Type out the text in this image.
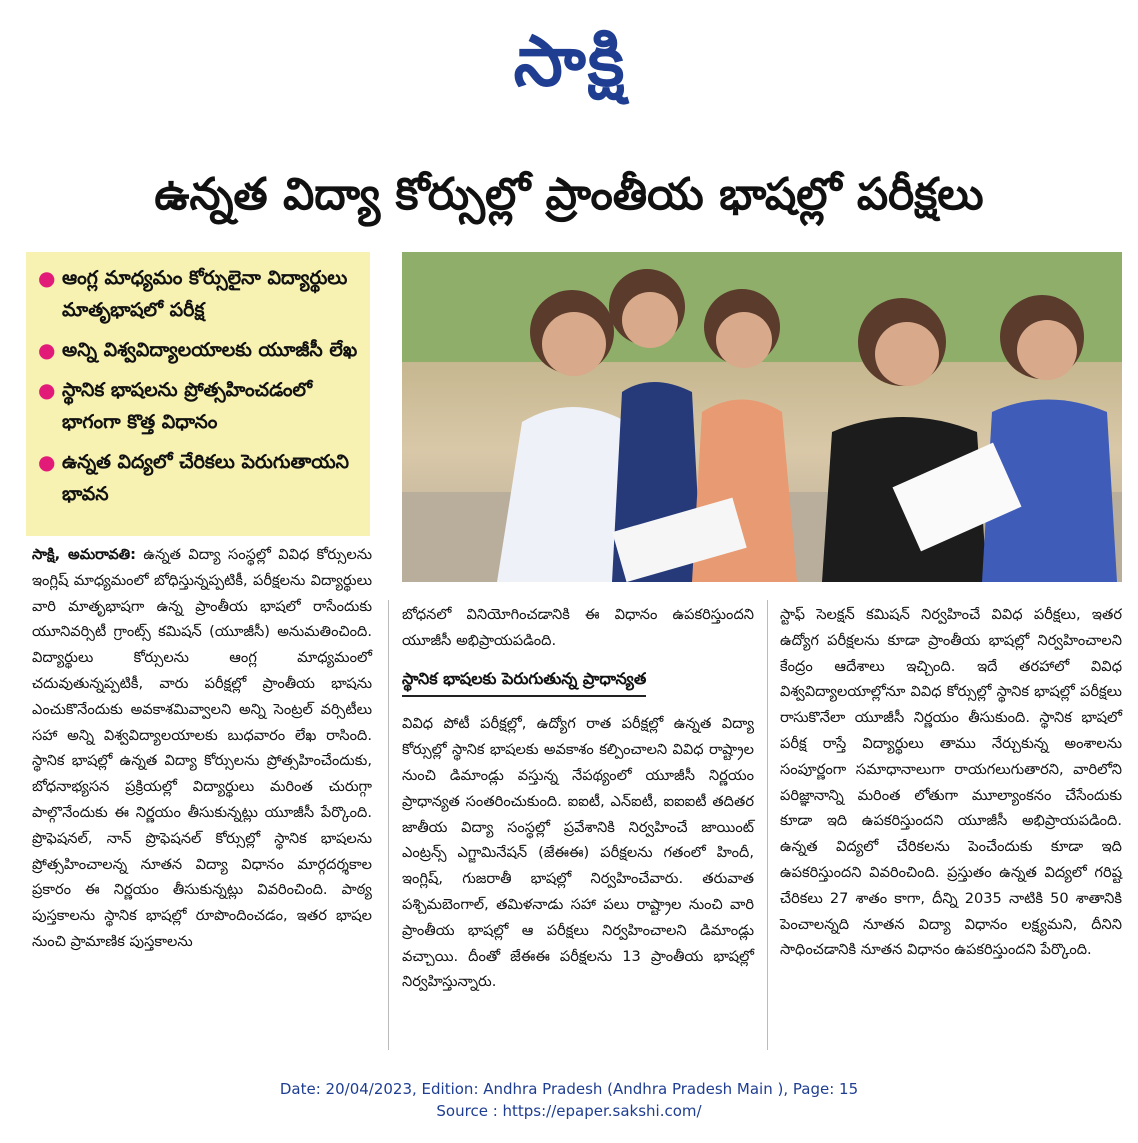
సాక్షి
ఉన్నత విద్యా కోర్సుల్లో ప్రాంతీయ భాషల్లో పరీక్షలు
● ఆంగ్ల మాధ్యమం కోర్సులైనా విద్యార్థులు మాతృభాషలో పరీక్ష
● అన్ని విశ్వవిద్యాలయాలకు యూజీసీ లేఖ
● స్థానిక భాషలను ప్రోత్సహించడంలో భాగంగా కొత్త విధానం
● ఉన్నత విద్యలో చేరికలు పెరుగుతాయని భావన

సాక్షి, అమరావతి: ఉన్నత విద్యా సంస్థల్లో వివిధ కోర్సులను ఇంగ్లిష్ మాధ్యమంలో బోధిస్తున్నప్పటికీ, పరీక్షలను విద్యార్థులు వారి మాతృభాషగా ఉన్న ప్రాంతీయ భాషలో రాసేందుకు యూనివర్సిటీ గ్రాంట్స్ కమిషన్ (యూజీసీ) అనుమతించింది. విద్యార్థులు కోర్సులను ఆంగ్ల మాధ్యమంలో చదువుతున్నప్పటికీ, వారు పరీక్షల్లో ప్రాంతీయ భాషను ఎంచుకొనేందుకు అవకాశమివ్వాలని అన్ని సెంట్రల్ వర్సిటీలు సహా అన్ని విశ్వవిద్యాలయాలకు బుధవారం లేఖ రాసింది. స్థానిక భాషల్లో ఉన్నత విద్యా కోర్సులను ప్రోత్సహించేందుకు, బోధనాభ్యసన ప్రక్రియల్లో విద్యార్థులు మరింత చురుగ్గా పాల్గొనేందుకు ఈ నిర్ణయం తీసుకున్నట్లు యూజీసీ పేర్కొంది. ప్రొఫెషనల్, నాన్ ప్రొఫెషనల్ కోర్సుల్లో స్థానిక భాషలను ప్రోత్సహించాలన్న నూతన విద్యా విధానం మార్గదర్శకాల ప్రకారం ఈ నిర్ణయం తీసుకున్నట్లు వివరించింది. పాఠ్య పుస్తకాలను స్థానిక భాషల్లో రూపొందించడం, ఇతర భాషల నుంచి ప్రామాణిక పుస్తకాలను

బోధనలో వినియోగించడానికి ఈ విధానం ఉపకరిస్తుందని యూజీసీ అభిప్రాయపడింది.

స్థానిక భాషలకు పెరుగుతున్న ప్రాధాన్యత

వివిధ పోటీ పరీక్షల్లో, ఉద్యోగ రాత పరీక్షల్లో ఉన్నత విద్యా కోర్సుల్లో స్థానిక భాషలకు అవకాశం కల్పించాలని వివిధ రాష్ట్రాల నుంచి డిమాండ్లు వస్తున్న నేపథ్యంలో యూజీసీ నిర్ణయం ప్రాధాన్యత సంతరించుకుంది. ఐఐటీ, ఎన్ఐటీ, ఐఐఐటీ తదితర జాతీయ విద్యా సంస్థల్లో ప్రవేశానికి నిర్వహించే జాయింట్ ఎంట్రన్స్ ఎగ్జామినేషన్ (జేఈఈ) పరీక్షలను గతంలో హిందీ, ఇంగ్లిష్, గుజరాతీ భాషల్లో నిర్వహించేవారు. తరువాత పశ్చిమబెంగాల్, తమిళనాడు సహా పలు రాష్ట్రాల నుంచి వారి ప్రాంతీయ భాషల్లో ఆ పరీక్షలు నిర్వహించాలని డిమాండ్లు వచ్చాయి. దీంతో జేఈఈ పరీక్షలను 13 ప్రాంతీయ భాషల్లో నిర్వహిస్తున్నారు.

స్టాఫ్ సెలక్షన్ కమిషన్ నిర్వహించే వివిధ పరీక్షలు, ఇతర ఉద్యోగ పరీక్షలను కూడా ప్రాంతీయ భాషల్లో నిర్వహించాలని కేంద్రం ఆదేశాలు ఇచ్చింది. ఇదే తరహాలో వివిధ విశ్వవిద్యాలయాల్లోనూ వివిధ కోర్సుల్లో స్థానిక భాషల్లో పరీక్షలు రాసుకొనేలా యూజీసీ నిర్ణయం తీసుకుంది. స్థానిక భాషలో పరీక్ష రాస్తే విద్యార్థులు తాము నేర్చుకున్న అంశాలను సంపూర్ణంగా సమాధానాలుగా రాయగలుగుతారని, వారిలోని పరిజ్ఞానాన్ని మరింత లోతుగా మూల్యాంకనం చేసేందుకు కూడా ఇది ఉపకరిస్తుందని యూజీసీ అభిప్రాయపడింది. ఉన్నత విద్యలో చేరికలను పెంచేందుకు కూడా ఇది ఉపకరిస్తుందని వివరించింది. ప్రస్తుతం ఉన్నత విద్యలో గరిష్ట చేరికలు 27 శాతం కాగా, దీన్ని 2035 నాటికి 50 శాతానికి పెంచాలన్నది నూతన విద్యా విధానం లక్ష్యమని, దీనిని సాధించడానికి నూతన విధానం ఉపకరిస్తుందని పేర్కొంది.

Date: 20/04/2023, Edition: Andhra Pradesh (Andhra Pradesh Main ), Page: 15
Source : https://epaper.sakshi.com/
